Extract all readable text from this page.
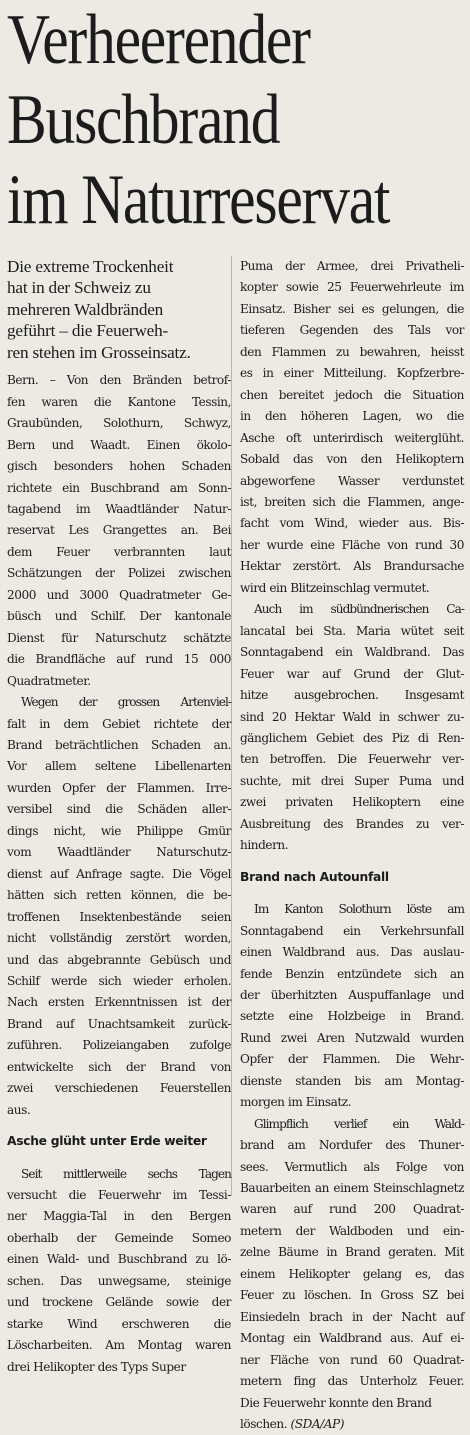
Verheerender
Buschbrand
im Naturreservat
Die extreme Trockenheit
hat in der Schweiz zu
mehreren Waldbränden
geführt – die Feuerweh-
ren stehen im Grosseinsatz.
Bern. – Von den Bränden betrof-
fen waren die Kantone Tessin,
Graubünden, Solothurn, Schwyz,
Bern und Waadt. Einen ökolo-
gisch besonders hohen Schaden
richtete ein Buschbrand am Sonn-
tagabend im Waadtländer Natur-
reservat Les Grangettes an. Bei
dem Feuer verbrannten laut
Schätzungen der Polizei zwischen
2000 und 3000 Quadratmeter Ge-
büsch und Schilf. Der kantonale
Dienst für Naturschutz schätzte
die Brandfläche auf rund 15 000
Quadratmeter.
Wegen der grossen Artenviel-
falt in dem Gebiet richtete der
Brand beträchtlichen Schaden an.
Vor allem seltene Libellenarten
wurden Opfer der Flammen. Irre-
versibel sind die Schäden aller-
dings nicht, wie Philippe Gmür
vom Waadtländer Naturschutz-
dienst auf Anfrage sagte. Die Vögel
hätten sich retten können, die be-
troffenen Insektenbestände seien
nicht vollständig zerstört worden,
und das abgebrannte Gebüsch und
Schilf werde sich wieder erholen.
Nach ersten Erkenntnissen ist der
Brand auf Unachtsamkeit zurück-
zuführen. Polizeiangaben zufolge
entwickelte sich der Brand von
zwei verschiedenen Feuerstellen
aus.
Asche glüht unter Erde weiter
Seit mittlerweile sechs Tagen
versucht die Feuerwehr im Tessi-
ner Maggia-Tal in den Bergen
oberhalb der Gemeinde Someo
einen Wald- und Buschbrand zu lö-
schen. Das unwegsame, steinige
und trockene Gelände sowie der
starke Wind erschweren die
Löscharbeiten. Am Montag waren
drei Helikopter des Typs Super
Puma der Armee, drei Privatheli-
kopter sowie 25 Feuerwehrleute im
Einsatz. Bisher sei es gelungen, die
tieferen Gegenden des Tals vor
den Flammen zu bewahren, heisst
es in einer Mitteilung. Kopfzerbre-
chen bereitet jedoch die Situation
in den höheren Lagen, wo die
Asche oft unterirdisch weiterglüht.
Sobald das von den Helikoptern
abgeworfene Wasser verdunstet
ist, breiten sich die Flammen, ange-
facht vom Wind, wieder aus. Bis-
her wurde eine Fläche von rund 30
Hektar zerstört. Als Brandursache
wird ein Blitzeinschlag vermutet.
Auch im südbündnerischen Ca-
lancatal bei Sta. Maria wütet seit
Sonntagabend ein Waldbrand. Das
Feuer war auf Grund der Glut-
hitze ausgebrochen. Insgesamt
sind 20 Hektar Wald in schwer zu-
gänglichem Gebiet des Piz di Ren-
ten betroffen. Die Feuerwehr ver-
suchte, mit drei Super Puma und
zwei privaten Helikoptern eine
Ausbreitung des Brandes zu ver-
hindern.
Brand nach Autounfall
Im Kanton Solothurn löste am
Sonntagabend ein Verkehrsunfall
einen Waldbrand aus. Das auslau-
fende Benzin entzündete sich an
der überhitzten Auspuffanlage und
setzte eine Holzbeige in Brand.
Rund zwei Aren Nutzwald wurden
Opfer der Flammen. Die Wehr-
dienste standen bis am Montag-
morgen im Einsatz.
Glimpflich verlief ein Wald-
brand am Nordufer des Thuner-
sees. Vermutlich als Folge von
Bauarbeiten an einem Steinschlagnetz
waren auf rund 200 Quadrat-
metern der Waldboden und ein-
zelne Bäume in Brand geraten. Mit
einem Helikopter gelang es, das
Feuer zu löschen. In Gross SZ bei
Einsiedeln brach in der Nacht auf
Montag ein Waldbrand aus. Auf ei-
ner Fläche von rund 60 Quadrat-
metern fing das Unterholz Feuer.
Die Feuerwehr konnte den Brand
löschen. (SDA/AP)
